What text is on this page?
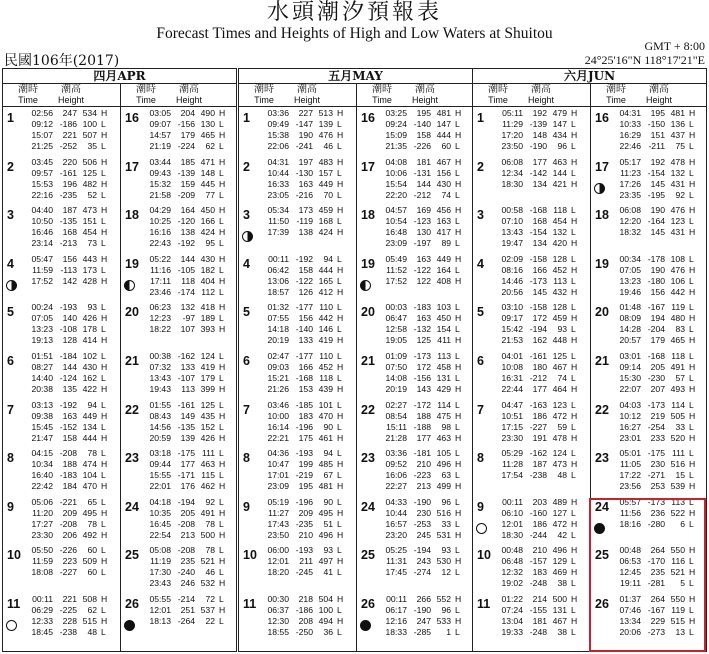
水頭潮汐預報表
Forecast Times and Heights of High and Low Waters at Shuitou
民國106年(2017)
GMT + 8:00
24°25'16"N 118°17'21"E
四月APR
潮時
Time
潮高
Height
潮時
Time
潮高
Height
1 02:56 247 534 H
09:12 -186 100 L
15:07 221 507 H
21:25 -252 35 L
2 03:45 220 506 H
09:57 -161 125 L
15:53 196 482 H
22:16 -235 52 L
3 04:40 187 473 H
10:50 -135 151 L
16:46 168 454 H
23:14 -213 73 L
4 05:47 156 443 H
11:59 -113 173 L
17:52 142 428 H
5 00:24 -193 93 L
07:05 140 426 H
13:23 -108 178 L
19:13 128 414 H
6 01:51 -184 102 L
08:27 144 430 H
14:40 -124 162 L
20:38 135 422 H
7 03:13 -192 94 L
09:38 163 449 H
15:45 -152 134 L
21:47 158 444 H
8 04:15 -208 78 L
10:34 188 474 H
16:40 -183 104 L
22:42 184 470 H
9 05:06 -221 65 L
11:20 209 495 H
17:27 -208 78 L
23:30 206 492 H
10 05:50 -226 60 L
11:59 223 509 H
18:08 -227 60 L
11	00:11 221 508 H
06:29 -225 62 L
12:33 228 515 H
18:45 -238 48 L
16 03:05 204 490 H
09:07 -156 130 L
14:57 179 465 H
21:19 -224 62 L
17 03:44 185 471 H
09:43 -139 148 L
15:32 159 445 H
21:58 -209 77 L
18 04:29 164 450 H
10:25 -120 166 L
16:16 138 424 H
22:43 -192 95 L
19 05:22 144 430 H
11:16 -105 182 L
17:11 118 404 H
23:46 -174 112 L
20 06:23 132 418 H
12:23 -97 189 L
18:22 107 393 H
21 00:38 -162 124 L
07:32 133 419 H
13:43 -107 179 L
19:43 113 399 H
22 01:55 -161 125 L
08:43 149 435 H
14:56 -135 152 L
20:59 139 426 H
23 03:18 -175 111 L
09:44 177 463 H
15:55 -171 115 L
22:01 176 462 H
24 04:18 -194 92 L
10:35 205 491 H
16:45 -208 78 L
22:54 213 500 H
25 05:08 -208 78 L
11:19 235 521 H
17:30 -240 46 L
23:43 246 532 H
26 05:55 -214 72 L
12:01 251 537 H
18:13 -264 22 L
五月MAY
潮時
Time
潮高
Height
潮時
Time
潮高
Height
1 03:36 227 513 H
09:49 -147 139 L
15:38 190 476 H
22:06 -241 46 L
2 04:31 197 483 H
10:44 -130 157 L
16:33 163 449 H
23:05 -216 70 L
3 05:34 173 459 H
11:50 -119 168 L
17:39 138 424 H
4	00:11 -192 94 L
06:42 158 444 H
13:06 -122 165 L
18:57 126 412 H
5 01:32 -177 110 L
07:55 156 442 H
14:18 -140 146 L
20:19 133 419 H
6 02:47 -177 110 L
09:03 166 452 H
15:21 -168 118 L
21:26 153 439 H
7 03:46 -185 101 L
10:00 183 470 H
16:14 -196 90 L
22:21 175 461 H
8 04:36 -193 94 L
10:47 199 485 H
17:01 -219 67 L
23:09 195 481 H
9 05:19 -196 90 L
11:27 209 495 H
17:43 -235 51 L
23:50 210 496 H
10 06:00 -193 93 L
12:01 211 497 H
18:20 -245 41 L
11 00:30 218 504 H
06:37 -186 100 L
12:30 208 494 H
18:55 -250 36 L
16 03:25 195 481 H
09:24 -140 147 L
15:09 158 444 H
21:35 -226 60 L
17 04:08 181 467 H
10:06 -131 156 L
15:54 144 430 H
22:20 -212 74 L
18 04:57 169 456 H
10:54 -123 163 L
16:48 130 417 H
23:09 -197 89 L
19 05:49 163 449 H
11:52 -122 164 L
17:52 122 408 H
20 00:03 -183 103 L
06:47 163 450 H
12:58 -132 154 L
19:05 125 411 H
21 01:09 -173 113 L
07:50 172 458 H
14:08 -156 131 L
20:19 143 429 H
22 02:27 -172 114 L
08:54 188 475 H
15:11 -188 98 L
21:28 177 463 H
23 03:36 -181 105 L
09:52 210 496 H
16:06 -223 63 L
22:27 213 499 H
24 04:33 -190 96 L
10:44 230 516 H
16:57 -253 33 L
23:20 245 531 H
25 05:25 -194 93 L
11:31 243 530 H
17:45 -274 12 L
26	00:11 266 552 H
06:17 -190 96 L
12:16 247 533 H
18:33 -285 1 L
六月JUN
潮時
Time
潮高
Height
潮時
Time
潮高
Height
1	05:11 192 479 H
11:29 -139 147 L
17:20 148 434 H
23:50 -190 96 L
2 06:08 177 463 H
12:34 -142 144 L
18:30 134 421 H
3 00:58 -168 118 L
07:10 168 454 H
13:43 -154 132 L
19:47 134 420 H
4 02:09 -158 128 L
08:16 166 452 H
14:46 -173 113 L
20:56 145 432 H
5 03:10 -158 128 L
09:17 172 459 H
15:42 -194 93 L
21:53 162 448 H
6 04:01 -161 125 L
10:08 180 467 H
16:31 -212 74 L
22:44 177 464 H
7 04:47 -163 123 L
10:51 186 472 H
17:15 -227 59 L
23:30 191 478 H
8 05:29 -162 124 L
11:28 187 473 H
17:54 -238 48 L
9	00:11 203 489 H
06:10 -160 127 L
12:01 186 472 H
18:30 -244 42 L
10 00:48 210 496 H
06:48 -157 129 L
12:32 183 469 H
19:02 -248 38 L
11 01:22 214 500 H
07:24 -155 131 L
13:04 181 467 H
19:33 -248 38 L
16 04:31 195 481 H
10:33 -150 136 L
16:29 151 437 H
22:46 -211 75 L
17 05:17 192 478 H
11:23 -154 132 L
17:26 145 431 H
23:35 -195 92 L
18 06:08 190 476 H
12:20 -164 123 L
18:32 145 431 H
19 00:34 -178 108 L
07:05 190 476 H
13:23 -180 106 L
19:46 156 442 H
20 01:48 -167 119 L
08:09 194 480 H
14:28 -204 83 L
20:57 179 465 H
21 03:01 -168 118 L
09:14 205 491 H
15:30 -230 57 L
22:07 207 493 H
22 04:03 -173 114 L
10:12 219 505 H
16:27 -254 33 L
23:01 233 520 H
23 05:01 -175 111 L
11:05 230 516 H
17:22 -271 15 L
23:56 253 539 H
24 05:57 -173 113 L
11:56 236 522 H
18:16 -280 6 L
25 00:48 264 550 H
06:53 -170 116 L
12:45 235 521 H
19:11 -281 5 L
26 01:37 264 550 H
07:46 -167 119 L
13:34 229 515 H
20:06 -273 13 L
